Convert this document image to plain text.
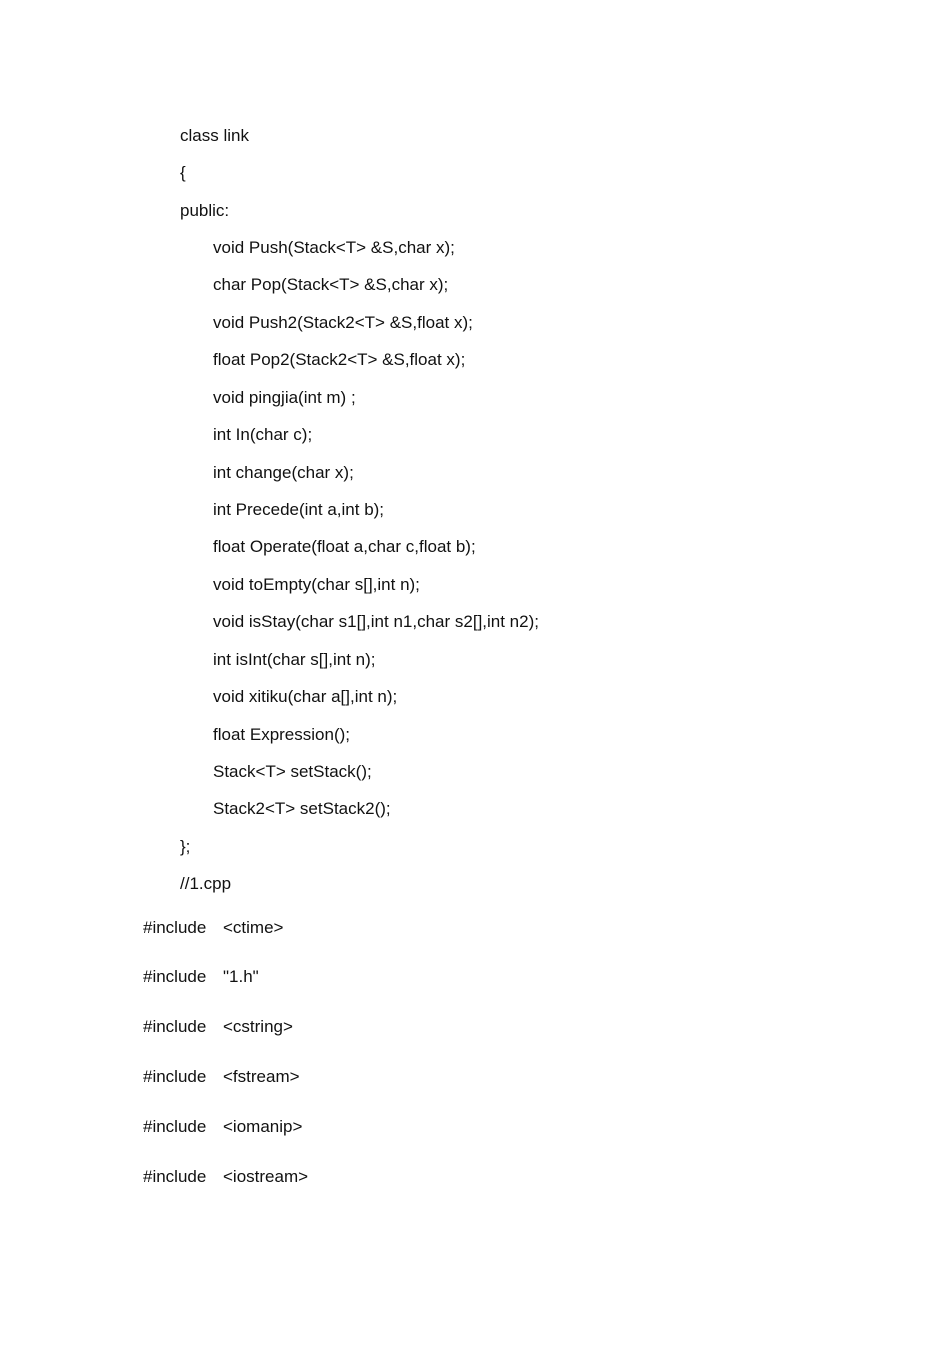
class link
{
public:
void Push(Stack<T> &S,char x);
char Pop(Stack<T> &S,char x);
void Push2(Stack2<T> &S,float x);
float Pop2(Stack2<T> &S,float x);
void pingjia(int m) ;
int In(char c);
int change(char x);
int Precede(int a,int b);
float Operate(float a,char c,float b);
void toEmpty(char s[],int n);
void isStay(char s1[],int n1,char s2[],int n2);
int isInt(char s[],int n);
void xitiku(char a[],int n);
float Expression();
Stack<T> setStack();
Stack2<T> setStack2();
};
//1.cpp
#include <ctime>
#include "1.h"
#include <cstring>
#include <fstream>
#include <iomanip>
#include <iostream>
